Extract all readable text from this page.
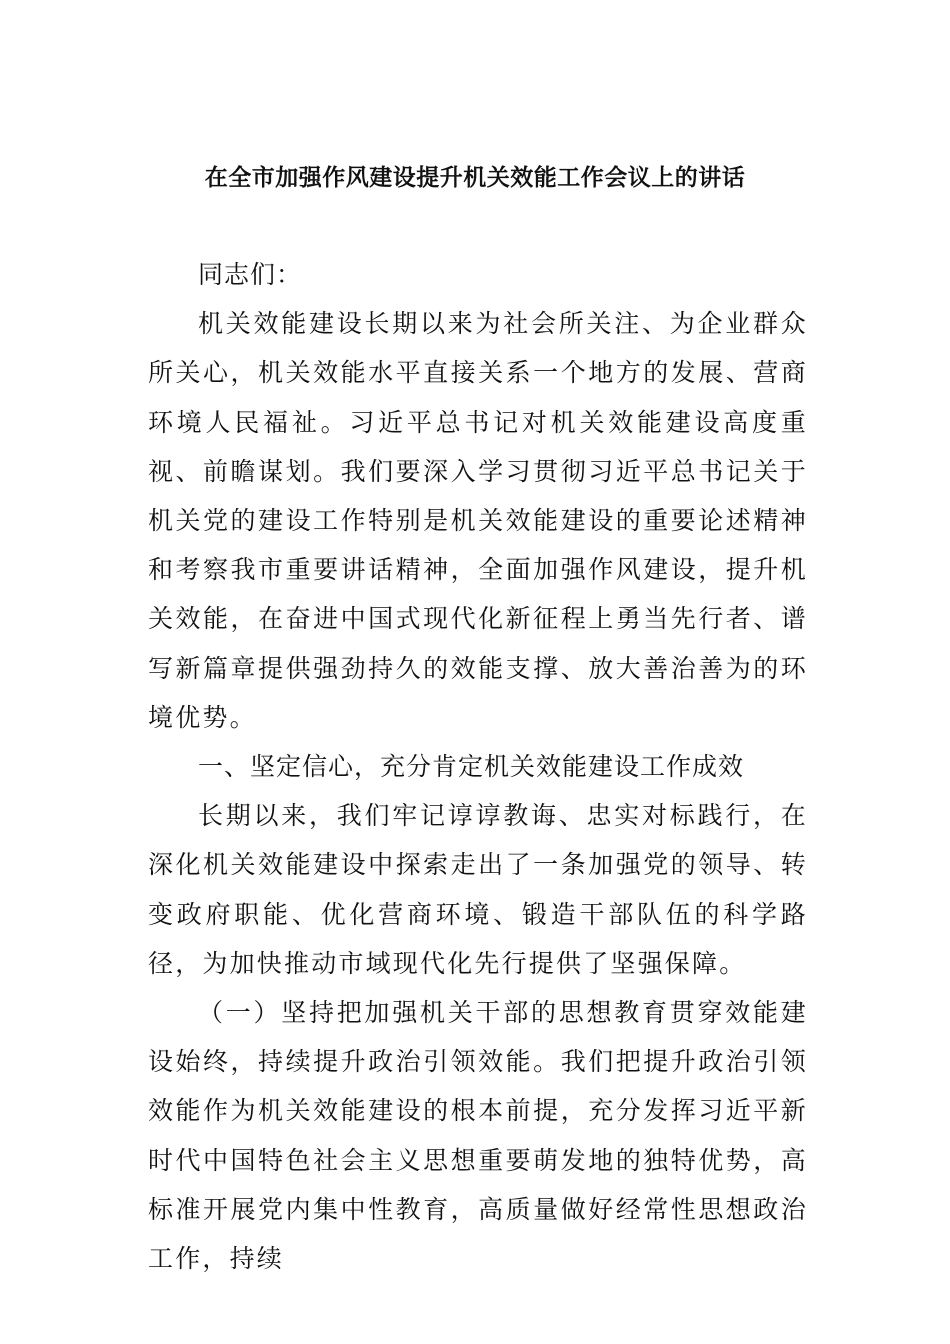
在全市加强作风建设提升机关效能工作会议上的讲话

同志们：

机关效能建设长期以来为社会所关注、为企业群众所关心，机关效能水平直接关系一个地方的发展、营商环境人民福祉。习近平总书记对机关效能建设高度重视、前瞻谋划。我们要深入学习贯彻习近平总书记关于机关党的建设工作特别是机关效能建设的重要论述精神和考察我市重要讲话精神，全面加强作风建设，提升机关效能，在奋进中国式现代化新征程上勇当先行者、谱写新篇章提供强劲持久的效能支撑、放大善治善为的环境优势。

一、坚定信心，充分肯定机关效能建设工作成效

长期以来，我们牢记谆谆教诲、忠实对标践行，在深化机关效能建设中探索走出了一条加强党的领导、转变政府职能、优化营商环境、锻造干部队伍的科学路径，为加快推动市域现代化先行提供了坚强保障。

（一）坚持把加强机关干部的思想教育贯穿效能建设始终，持续提升政治引领效能。我们把提升政治引领效能作为机关效能建设的根本前提，充分发挥习近平新时代中国特色社会主义思想重要萌发地的独特优势，高标准开展党内集中性教育，高质量做好经常性思想政治工作，持续
